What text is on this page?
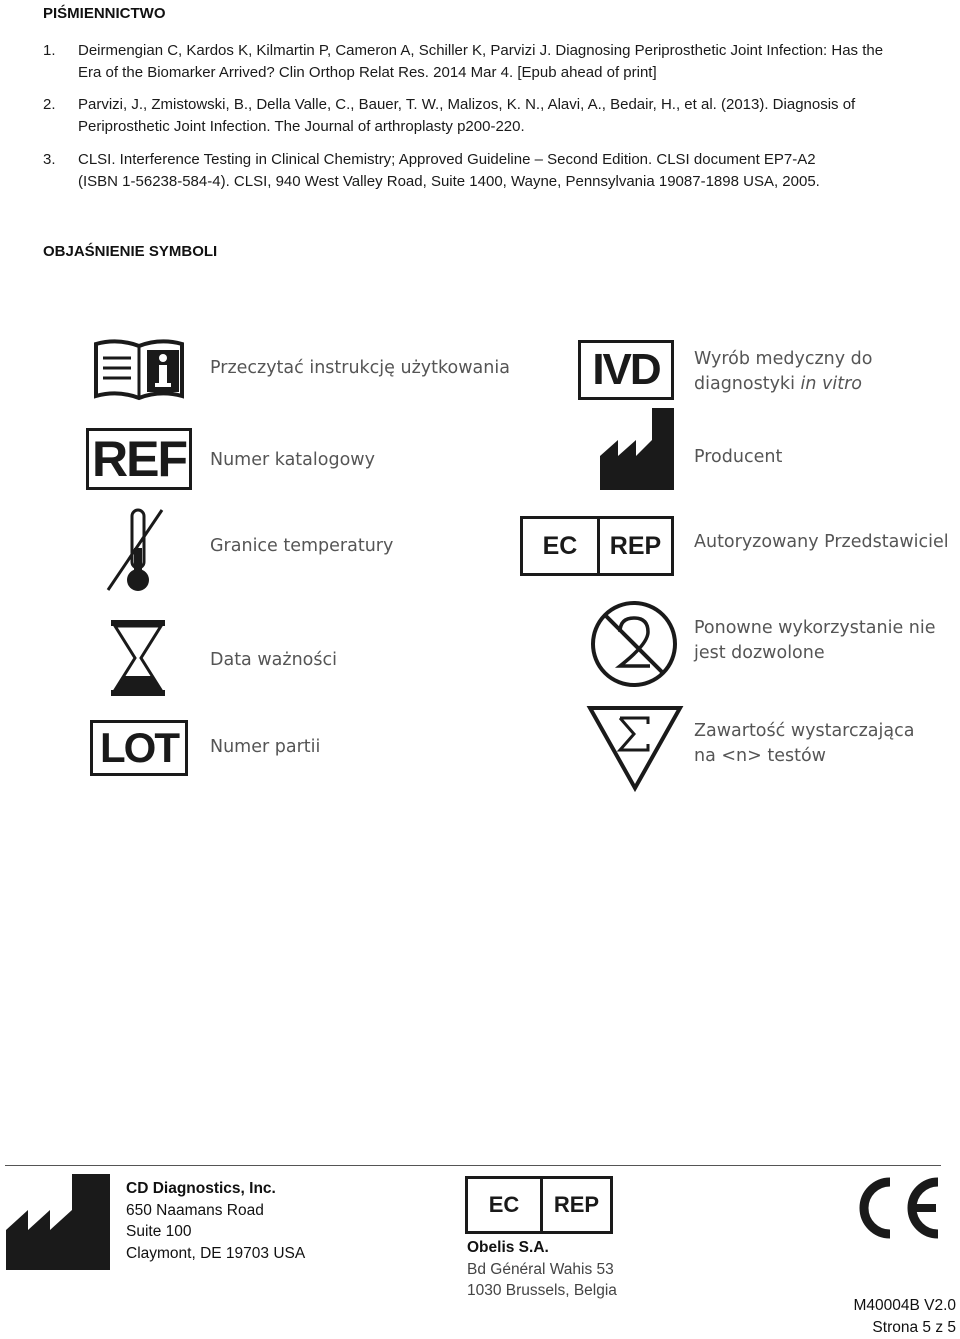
PIŚMIENNICTWO
1. Deirmengian C, Kardos K, Kilmartin P, Cameron A, Schiller K, Parvizi J. Diagnosing Periprosthetic Joint Infection: Has the
Era of the Biomarker Arrived? Clin Orthop Relat Res. 2014 Mar 4. [Epub ahead of print]
2. Parvizi, J., Zmistowski, B., Della Valle, C., Bauer, T. W., Malizos, K. N., Alavi, A., Bedair, H., et al. (2013). Diagnosis of
Periprosthetic Joint Infection. The Journal of arthroplasty p200-220.
3. CLSI. Interference Testing in Clinical Chemistry; Approved Guideline – Second Edition. CLSI document EP7-A2
(ISBN 1-56238-584-4). CLSI, 940 West Valley Road, Suite 1400, Wayne, Pennsylvania 19087-1898 USA, 2005.
OBJAŚNIENIE SYMBOLI
Przeczytać instrukcję użytkowania
REF Numer katalogowy
Granice temperatury
Data ważności
LOT Numer partii
IVD Wyrób medyczny do
diagnostyki in vitro
Producent
EC	REP	Autoryzowany Przedstawiciel
Ponowne wykorzystanie nie
jest dozwolone
Zawartość wystarczająca
na <n> testów
CD Diagnostics, Inc.
650 Naamans Road
Suite 100
Claymont, DE 19703 USA
EC	REP
Obelis S.A.
Bd Général Wahis 53
1030 Brussels, Belgia
M40004B V2.0
Strona 5 z 5
